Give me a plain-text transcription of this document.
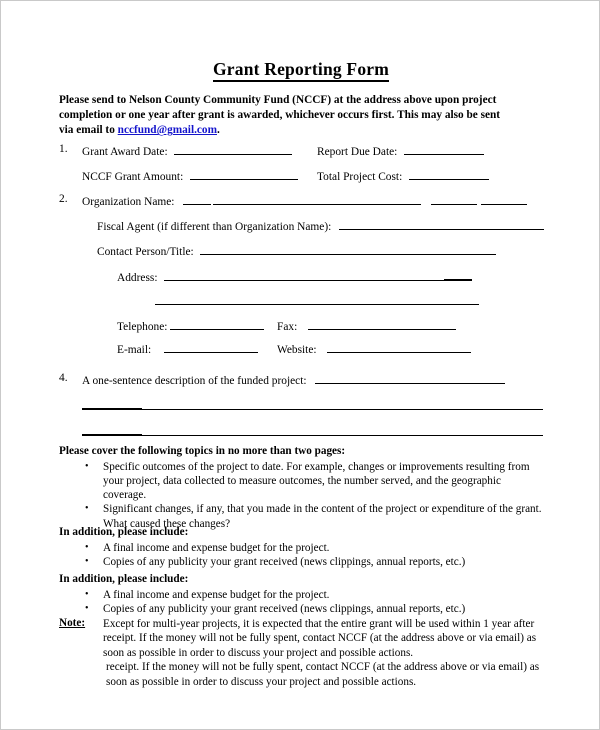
Grant Reporting Form
Please send to Nelson County Community Fund (NCCF) at the address above upon project completion or one year after grant is awarded, whichever occurs first. This may also be sent via email to nccfund@gmail.com.
1.	Grant Award Date:	Report Due Date:
NCCF Grant Amount:	Total Project Cost:
2.	Organization Name:
Fiscal Agent (if different than Organization Name):
Contact Person/Title:
Address:
Telephone:	Fax:
E-mail:	Website:
4.	A one-sentence description of the funded project:
Please cover the following topics in no more than two pages:
• Specific outcomes of the project to date. For example, changes or improvements resulting from your project, data collected to measure outcomes, the number served, and the geographic coverage.
• Significant changes, if any, that you made in the content of the project or expenditure of the grant. What caused these changes?
In addition, please include:
• A final income and expense budget for the project.
• Copies of any publicity your grant received (news clippings, annual reports, etc.)
In addition, please include:
• A final income and expense budget for the project.
• Copies of any publicity your grant received (news clippings, annual reports, etc.)
Note: Except for multi-year projects, it is expected that the entire grant will be used within 1 year after receipt. If the money will not be fully spent, contact NCCF (at the address above or via email) as soon as possible in order to discuss your project and possible actions.
receipt. If the money will not be fully spent, contact NCCF (at the address above or via email) as soon as possible in order to discuss your project and possible actions.
